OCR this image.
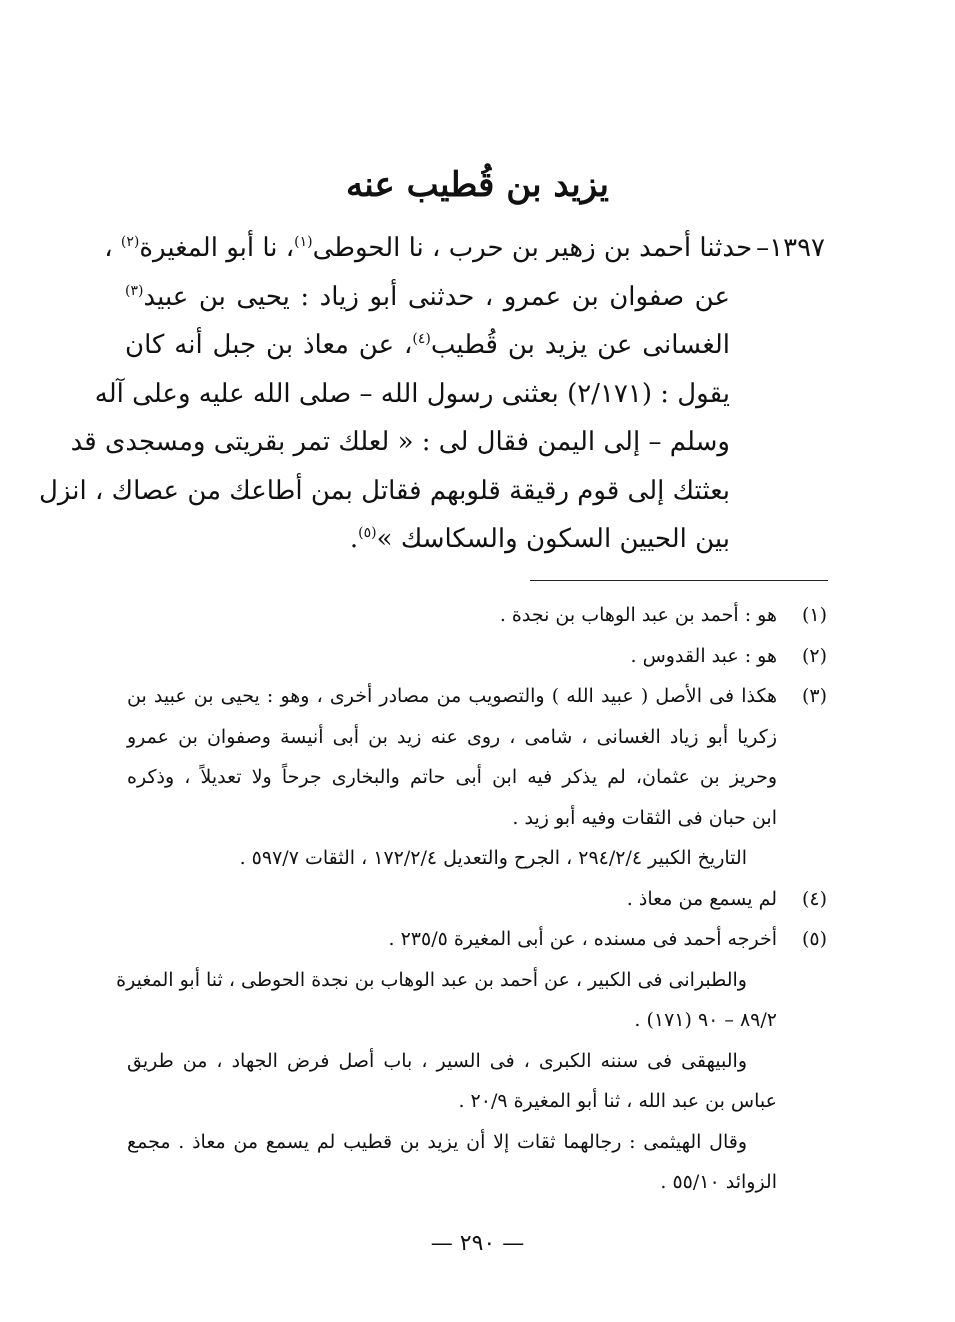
يزيد بن قُطيب عنه
١٣٩٧–حدثنا أحمد بن زهير بن حرب ، نا الحوطى$^{(١)}$، نا أبو المغيرة$^{(٢)}$ ،
عن صفوان بن عمرو ، حدثنى أبو زياد : يحيى بن عبيد$^{(٣)}$
الغسانى عن يزيد بن قُطيب$^{(٤)}$، عن معاذ بن جبل أنه كان
يقول : (٢/١٧١) بعثنى رسول الله – صلى الله عليه وعلى آله
وسلم – إلى اليمن فقال لى : « لعلك تمر بقريتى ومسجدى قد
بعثتك إلى قوم رقيقة قلوبهم فقاتل بمن أطاعك من عصاك ، انزل
بين الحيين السكون والسكاسك »$^{(٥)}$.
(١)
هو : أحمد بن عبد الوهاب بن نجدة .
(٢)
هو : عبد القدوس .
(٣)
هكذا فى الأصل ( عبيد الله ) والتصويب من مصادر أخرى ، وهو : يحيى بن عبيد بن
زكريا أبو زياد الغسانى ، شامى ، روى عنه زيد بن أبى أنيسة وصفوان بن عمرو
وحريز بن عثمان، لم يذكر فيه ابن أبى حاتم والبخارى جرحاً ولا تعديلاً ، وذكره
ابن حبان فى الثقات وفيه أبو زيد .
التاريخ الكبير ٢٩٤/٢/٤ ، الجرح والتعديل ١٧٢/٢/٤ ، الثقات ٥٩٧/٧ .
(٤)
لم يسمع من معاذ .
(٥)
أخرجه أحمد فى مسنده ، عن أبى المغيرة ٢٣٥/٥ .
والطبرانى فى الكبير ، عن أحمد بن عبد الوهاب بن نجدة الحوطى ، ثنا أبو المغيرة
٨٩/٢ – ٩٠ (١٧١) .
والبيهقى فى سننه الكبرى ، فى السير ، باب أصل فرض الجهاد ، من طريق
عباس بن عبد الله ، ثنا أبو المغيرة ٢٠/٩ .
وقال الهيثمى : رجالهما ثقات إلا أن يزيد بن قطيب لم يسمع من معاذ . مجمع
الزوائد ٥٥/١٠ .
— ٢٩٠ —
